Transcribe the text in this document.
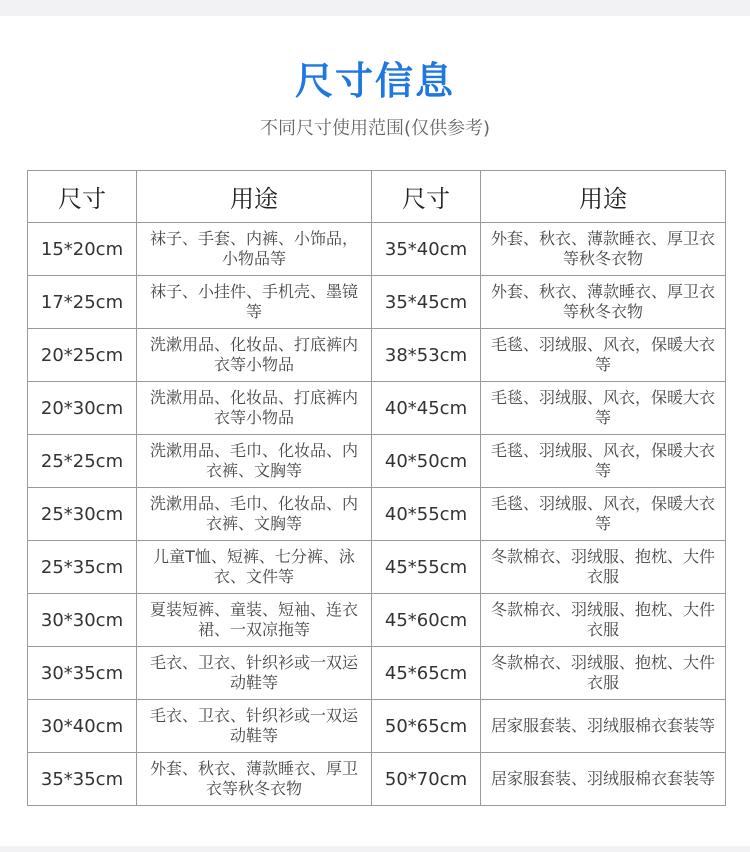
尺寸信息
不同尺寸使用范围(仅供参考)
尺寸	用途	尺寸	用途
15*20cm	袜子、手套、内裤、小饰品，小物品等	35*40cm	外套、秋衣、薄款睡衣、厚卫衣等秋冬衣物
17*25cm	袜子、小挂件、手机壳、墨镜等	35*45cm	外套、秋衣、薄款睡衣、厚卫衣等秋冬衣物
20*25cm	洗漱用品、化妆品、打底裤内衣等小物品	38*53cm	毛毯、羽绒服、风衣，保暖大衣等
20*30cm	洗漱用品、化妆品、打底裤内衣等小物品	40*45cm	毛毯、羽绒服、风衣，保暖大衣等
25*25cm	洗漱用品、毛巾、化妆品、内衣裤、文胸等	40*50cm	毛毯、羽绒服、风衣，保暖大衣等
25*30cm	洗漱用品、毛巾、化妆品、内衣裤、文胸等	40*55cm	毛毯、羽绒服、风衣，保暖大衣等
25*35cm	儿童T恤、短裤、七分裤、泳衣、文件等	45*55cm	冬款棉衣、羽绒服、抱枕、大件衣服
30*30cm	夏装短裤、童装、短袖、连衣裙、一双凉拖等	45*60cm	冬款棉衣、羽绒服、抱枕、大件衣服
30*35cm	毛衣、卫衣、针织衫或一双运动鞋等	45*65cm	冬款棉衣、羽绒服、抱枕、大件衣服
30*40cm	毛衣、卫衣、针织衫或一双运动鞋等	50*65cm	居家服套装、羽绒服棉衣套装等
35*35cm	外套、秋衣、薄款睡衣、厚卫衣等秋冬衣物	50*70cm	居家服套装、羽绒服棉衣套装等
